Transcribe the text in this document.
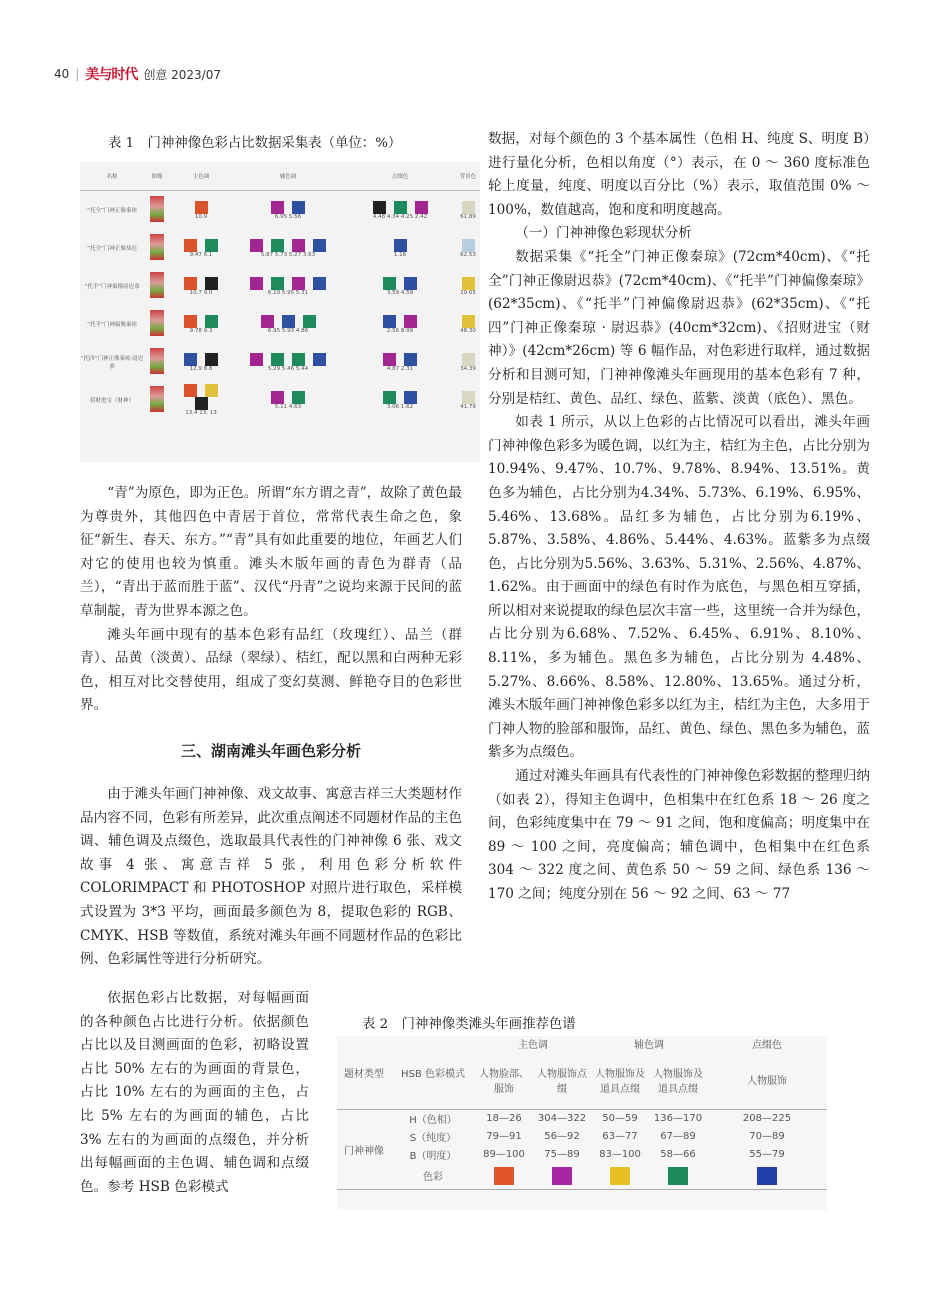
40 | 美与时代 创意 2023/07
表 1　门神神像色彩占比数据采集表（单位：%）
名称	图像	主色调	辅色调	点缀色	背景色
“托全”门神正像秦琼		10.9	6.95 5.56	4.48 4.34 4.25 2.42	61.89
“托全”门神正像恭迟		9.47 6.1	5.87 5.73 5.27 3.63	1.16	62.53
“托半”门神偏像尉迟恭		10.7 9.0	6.19 5.95 5.31	3.59 4.59	29.65
“托半”门神偏像秦琼		9.78 9.3	6.95 5.93 4.86	2.56 8.99	48.30
“托四”门神正像秦琼·尉迟恭		12.9 8.8	5.29 5.46 5.44	4.87 2.31	34.39
招财进宝（财神）		13.4 13. 13	5.11 4.63	3.06 1.62	41.79

“青”为原色，即为正色。所谓“东方谓之青”，故除了黄色最为尊贵外，其他四色中青居于首位，常常代表生命之色，象征“新生、春天、东方。”“青”具有如此重要的地位，年画艺人们对它的使用也较为慎重。滩头木版年画的青色为群青（品兰），“青出于蓝而胜于蓝”、汉代“丹青”之说均来源于民间的蓝草制靛，青为世界本源之色。

滩头年画中现有的基本色彩有品红（玫瑰红）、品兰（群青）、品黄（淡黄）、品绿（翠绿）、桔红，配以黑和白两种无彩色，相互对比交替使用，组成了变幻莫测、鲜艳夺目的色彩世界。

三、湖南滩头年画色彩分析

由于滩头年画门神神像、戏文故事、寓意吉祥三大类题材作品内容不同，色彩有所差异，此次重点阐述不同题材作品的主色调、辅色调及点缀色，选取最具代表性的门神神像 6 张、戏文故事 4 张、寓意吉祥 5 张，利用色彩分析软件 COLORIMPACT 和 PHOTOSHOP 对照片进行取色，采样模式设置为 3*3 平均，画面最多颜色为 8，提取色彩的 RGB、CMYK、HSB 等数值，系统对滩头年画不同题材作品的色彩比例、色彩属性等进行分析研究。

依据色彩占比数据，对每幅画面的各种颜色占比进行分析。依据颜色占比以及目测画面的色彩，初略设置占比 50% 左右的为画面的背景色，占比 10% 左右的为画面的主色，占比 5% 左右的为画面的辅色，占比 3% 左右的为画面的点缀色，并分析出每幅画面的主色调、辅色调和点缀色。参考 HSB 色彩模式

数据，对每个颜色的 3 个基本属性（色相 H、纯度 S、明度 B）进行量化分析，色相以角度（°）表示，在 0 ～ 360 度标准色轮上度量，纯度、明度以百分比（%）表示，取值范围 0% ～ 100%，数值越高，饱和度和明度越高。

（一）门神神像色彩现状分析

数据采集《“托全”门神正像秦琼》(72cm*40cm)、《“托全”门神正像尉迟恭》(72cm*40cm)、《“托半”门神偏像秦琼》(62*35cm)、《“托半”门神偏像尉迟恭》(62*35cm)、《“托四”门神正像秦琼 · 尉迟恭》(40cm*32cm)、《招财进宝（财神）》(42cm*26cm) 等 6 幅作品，对色彩进行取样，通过数据分析和目测可知，门神神像滩头年画现用的基本色彩有 7 种，分别是桔红、黄色、品红、绿色、蓝紫、淡黄（底色）、黑色。

如表 1 所示，从以上色彩的占比情况可以看出，滩头年画门神神像色彩多为暖色调，以红为主，桔红为主色，占比分别为 10.94%、9.47%、10.7%、9.78%、8.94%、13.51%。黄色多为辅色，占比分别为4.34%、5.73%、6.19%、6.95%、5.46%、13.68%。品红多为辅色，占比分别为6.19%、5.87%、3.58%、4.86%、5.44%、4.63%。蓝紫多为点缀色，占比分别为5.56%、3.63%、5.31%、2.56%、4.87%、1.62%。由于画面中的绿色有时作为底色，与黑色相互穿插，所以相对来说提取的绿色层次丰富一些，这里统一合并为绿色，占比分别为6.68%、7.52%、6.45%、6.91%、8.10%、8.11%，多为辅色。黑色多为辅色，占比分别为 4.48%、5.27%、8.66%、8.58%、12.80%、13.65%。通过分析，滩头木版年画门神神像色彩多以红为主，桔红为主色，大多用于门神人物的脸部和服饰，品红、黄色、绿色、黑色多为辅色，蓝紫多为点缀色。

通过对滩头年画具有代表性的门神神像色彩数据的整理归纳（如表 2），得知主色调中，色相集中在红色系 18 ～ 26 度之间，色彩纯度集中在 79 ～ 91 之间，饱和度偏高；明度集中在 89 ～ 100 之间，亮度偏高；辅色调中，色相集中在红色系 304 ～ 322 度之间、黄色系 50 ～ 59 之间、绿色系 136 ～ 170 之间；纯度分别在 56 ～ 92 之间、63 ～ 77

表 2　门神神像类滩头年画推荐色谱
题材类型	HSB 色彩模式	主色调		辅色调		点缀色
		人物脸部、服饰	人物服饰点缀	人物服饰及道具点缀	人物服饰及道具点缀	人物服饰
门神神像	H（色相）	18—26	304—322	50—59	136—170	208—225
	S（纯度）	79—91	56—92	63—77	67—89	70—89
	B（明度）	89—100	75—89	83—100	58—66	55—79
	色彩					
